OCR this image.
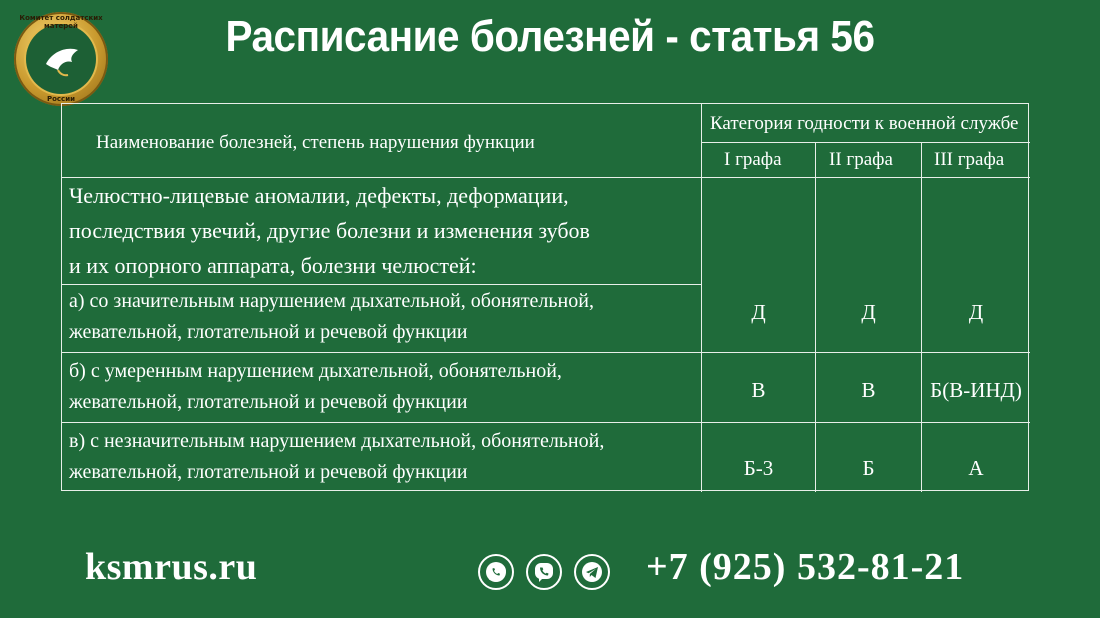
Комитет солдатских матерей
России
Расписание болезней - статья 56
Наименование болезней, степень нарушения функции
Категория годности к военной службе
I графа II графа III графа
Челюстно-лицевые аномалии, дефекты, деформации,
последствия увечий, другие болезни и изменения зубов
и их опорного аппарата, болезни челюстей:
а) со значительным нарушением дыхательной, обонятельной,
жевательной, глотательной и речевой функции
Д	Д	Д
б) с умеренным нарушением дыхательной, обонятельной,
жевательной, глотательной и речевой функции	В	В	Б(В-ИНД)
в) с незначительным нарушением дыхательной, обонятельной,
жевательной, глотательной и речевой функции	Б-3	Б	А
ksmrus.ru	+7 (925) 532-81-21
